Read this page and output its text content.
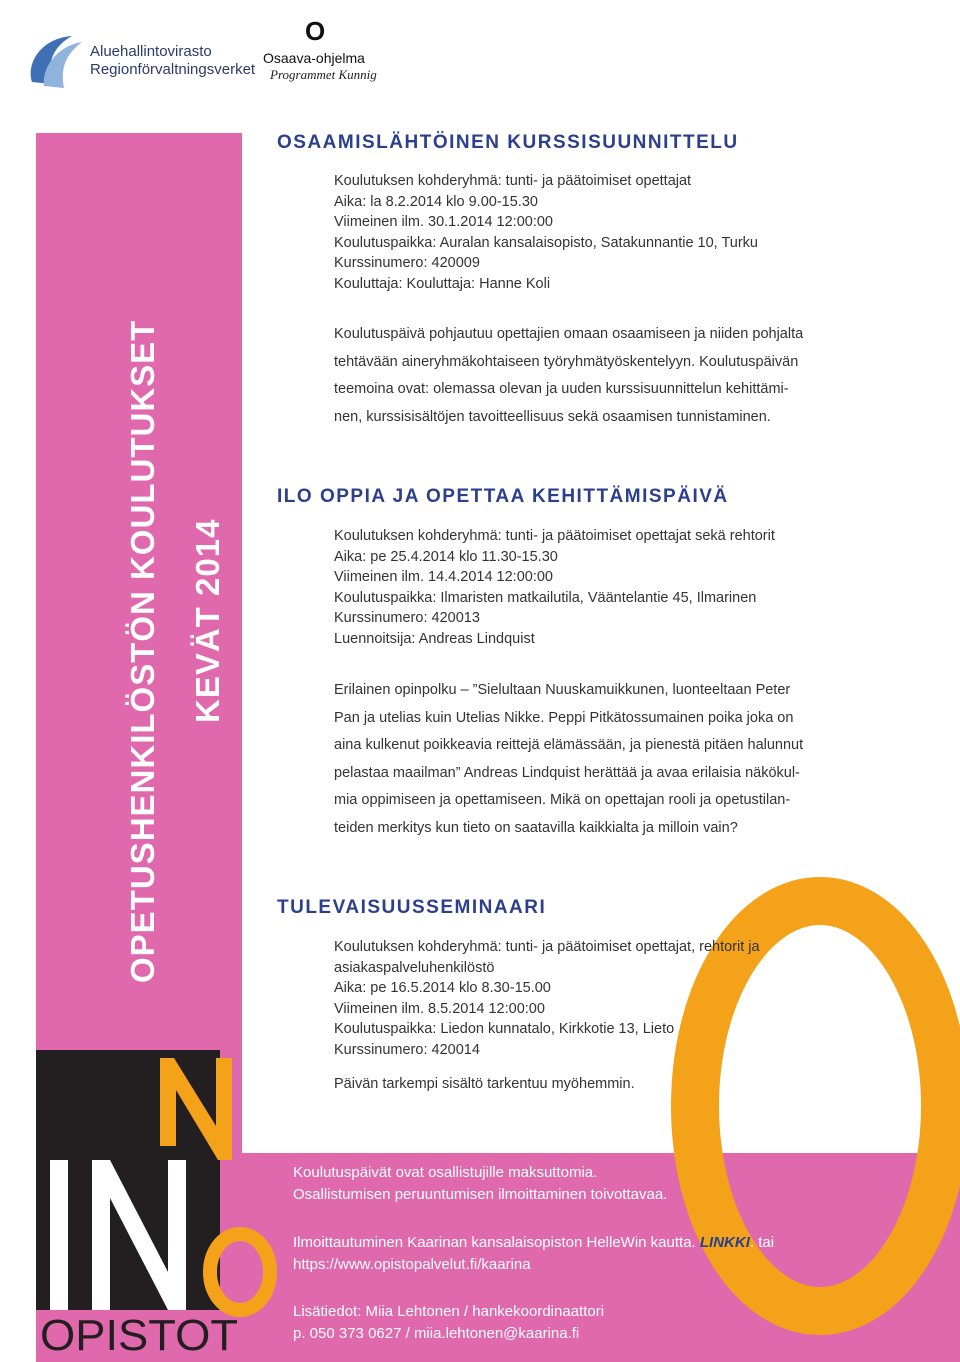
Aluehallintovirasto
Regionförvaltningsverket
O
Osaava-ohjelma
Programmet Kunnig
OPETUSHENKILÖSTÖN KOULUTUKSET KEVÄT 2014
OPISTOT
OSAAMISLÄHTÖINEN KURSSISUUNNITTELU

Koulutuksen kohderyhmä: tunti- ja päätoimiset opettajat

Aika: la 8.2.2014 klo 9.00-15.30

Viimeinen ilm. 30.1.2014 12:00:00

Koulutuspaikka: Auralan kansalaisopisto, Satakunnantie 10, Turku

Kurssinumero: 420009

Kouluttaja: Kouluttaja: Hanne Koli

Koulutuspäivä pohjautuu opettajien omaan osaamiseen ja niiden pohjalta

tehtävään aineryhmäkohtaiseen työryhmätyöskentelyyn. Koulutuspäivän

teemoina ovat: olemassa olevan ja uuden kurssisuunnittelun kehittämi-

nen, kurssisisältöjen tavoitteellisuus sekä osaamisen tunnistaminen.

ILO OPPIA JA OPETTAA KEHITTÄMISPÄIVÄ

Koulutuksen kohderyhmä: tunti- ja päätoimiset opettajat sekä rehtorit

Aika: pe 25.4.2014 klo 11.30-15.30

Viimeinen ilm. 14.4.2014 12:00:00

Koulutuspaikka: Ilmaristen matkailutila, Vääntelantie 45, Ilmarinen

Kurssinumero: 420013

Luennoitsija: Andreas Lindquist

Erilainen opinpolku – ”Sielultaan Nuuskamuikkunen, luonteeltaan Peter

Pan ja utelias kuin Utelias Nikke. Peppi Pitkätossumainen poika joka on

aina kulkenut poikkeavia reittejä elämässään, ja pienestä pitäen halunnut

pelastaa maailman” Andreas Lindquist herättää ja avaa erilaisia näkökul-

mia oppimiseen ja opettamiseen. Mikä on opettajan rooli ja opetustilan-

teiden merkitys kun tieto on saatavilla kaikkialta ja milloin vain?

TULEVAISUUSSEMINAARI

Koulutuksen kohderyhmä: tunti- ja päätoimiset opettajat, rehtorit ja

asiakaspalveluhenkilöstö

Aika: pe 16.5.2014 klo 8.30-15.00

Viimeinen ilm. 8.5.2014 12:00:00

Koulutuspaikka: Liedon kunnatalo, Kirkkotie 13, Lieto

Kurssinumero: 420014

Päivän tarkempi sisältö tarkentuu myöhemmin.

Koulutuspäivät ovat osallistujille maksuttomia.

Osallistumisen peruuntumisen ilmoittaminen toivottavaa.

Ilmoittautuminen Kaarinan kansalaisopiston HelleWin kautta. LINKKI. tai

https://www.opistopalvelut.fi/kaarina

Lisätiedot: Miia Lehtonen / hankekoordinaattori

p. 050 373 0627 / miia.lehtonen@kaarina.fi
